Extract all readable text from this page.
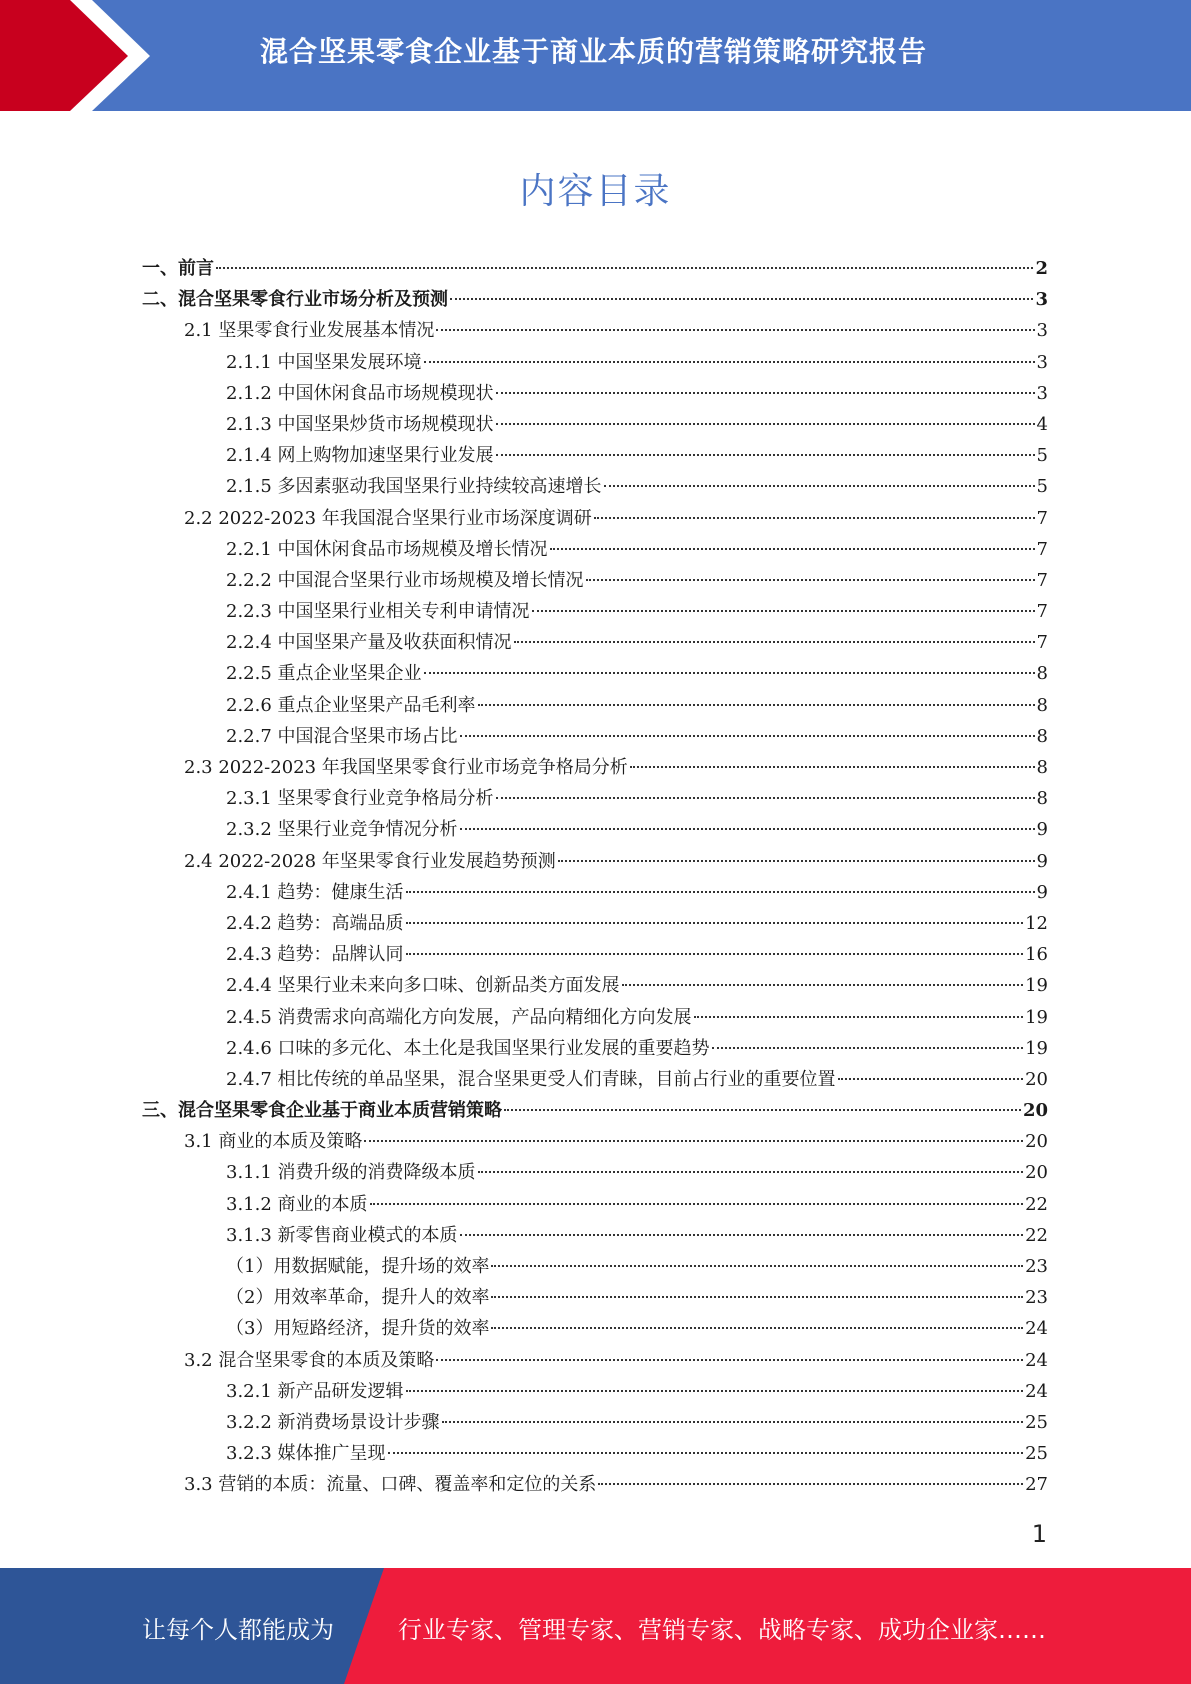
混合坚果零食企业基于商业本质的营销策略研究报告
内容目录
一、前言	2
二、混合坚果零食行业市场分析及预测	3
2.1 坚果零食行业发展基本情况	3
2.1.1 中国坚果发展环境	3
2.1.2 中国休闲食品市场规模现状	3
2.1.3 中国坚果炒货市场规模现状	4
2.1.4 网上购物加速坚果行业发展	5
2.1.5 多因素驱动我国坚果行业持续较高速增长	5
2.2 2022-2023 年我国混合坚果行业市场深度调研	7
2.2.1 中国休闲食品市场规模及增长情况	7
2.2.2 中国混合坚果行业市场规模及增长情况	7
2.2.3 中国坚果行业相关专利申请情况	7
2.2.4 中国坚果产量及收获面积情况	7
2.2.5 重点企业坚果企业	8
2.2.6 重点企业坚果产品毛利率	8
2.2.7 中国混合坚果市场占比	8
2.3 2022-2023 年我国坚果零食行业市场竞争格局分析	8
2.3.1 坚果零食行业竞争格局分析	8
2.3.2 坚果行业竞争情况分析	9
2.4 2022-2028 年坚果零食行业发展趋势预测	9
2.4.1 趋势：健康生活	9
2.4.2 趋势：高端品质	12
2.4.3 趋势：品牌认同	16
2.4.4 坚果行业未来向多口味、创新品类方面发展	19
2.4.5 消费需求向高端化方向发展，产品向精细化方向发展	19
2.4.6 口味的多元化、本土化是我国坚果行业发展的重要趋势	19
2.4.7 相比传统的单品坚果，混合坚果更受人们青睐，目前占行业的重要位置	20
三、混合坚果零食企业基于商业本质营销策略	20
3.1 商业的本质及策略	20
3.1.1 消费升级的消费降级本质	20
3.1.2 商业的本质	22
3.1.3 新零售商业模式的本质	22
（1）用数据赋能，提升场的效率	23
（2）用效率革命，提升人的效率	23
（3）用短路经济，提升货的效率	24
3.2 混合坚果零食的本质及策略	24
3.2.1 新产品研发逻辑	24
3.2.2 新消费场景设计步骤	25
3.2.3 媒体推广呈现	25
3.3 营销的本质：流量、口碑、覆盖率和定位的关系	27
1
让每个人都能成为	行业专家、管理专家、营销专家、战略专家、成功企业家……
